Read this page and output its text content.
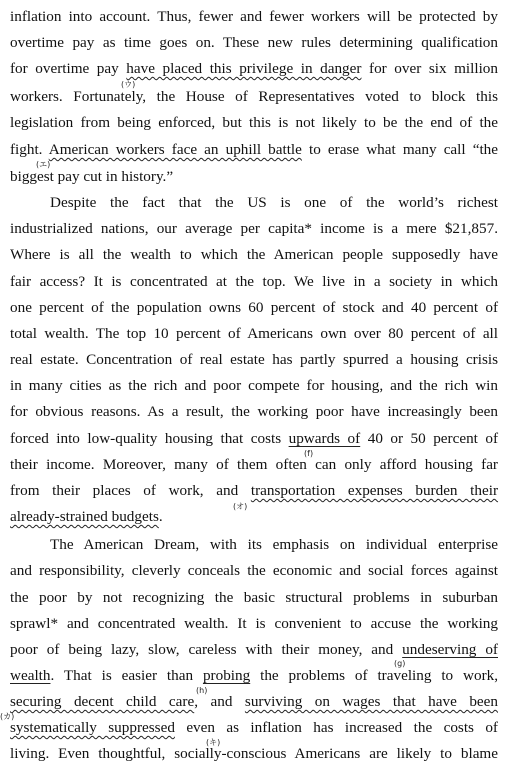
inflation into account. Thus, fewer and fewer workers will be protected by
overtime pay as time goes on. These new rules determining qualification
for overtime pay have placed this privilege in danger for over six million
(ウ)
workers. Fortunately, the House of Representatives voted to block this
legislation from being enforced, but this is not likely to be the end of the
fight. American workers face an uphill battle to erase what many call “the
(エ)
biggest pay cut in history.”
Despite the fact that the US is one of the world’s richest
industrialized nations, our average per capita* income is a mere $21,857.
Where is all the wealth to which the American people supposedly have
fair access? It is concentrated at the top. We live in a society in which
one percent of the population owns 60 percent of stock and 40 percent of
total wealth. The top 10 percent of Americans own over 80 percent of all
real estate. Concentration of real estate has partly spurred a housing crisis
in many cities as the rich and poor compete for housing, and the rich win
for obvious reasons. As a result, the working poor have increasingly been
forced into low-quality housing that costs upwards of 40 or 50 percent of
(f)
their income. Moreover, many of them often can only afford housing far
from their places of work, and transportation expenses burden their
(オ)
already-strained budgets.
The American Dream, with its emphasis on individual enterprise
and responsibility, cleverly conceals the economic and social forces against
the poor by not recognizing the basic structural problems in suburban
sprawl* and concentrated wealth. It is convenient to accuse the working
poor of being lazy, slow, careless with their money, and undeserving of
(g)
wealth. That is easier than probing the problems of traveling to work,
(h)
securing decent child care, and surviving on wages that have been
(カ)
systematically suppressed even as inflation has increased the costs of
(キ)
living. Even thoughtful, socially-conscious Americans are likely to blame
